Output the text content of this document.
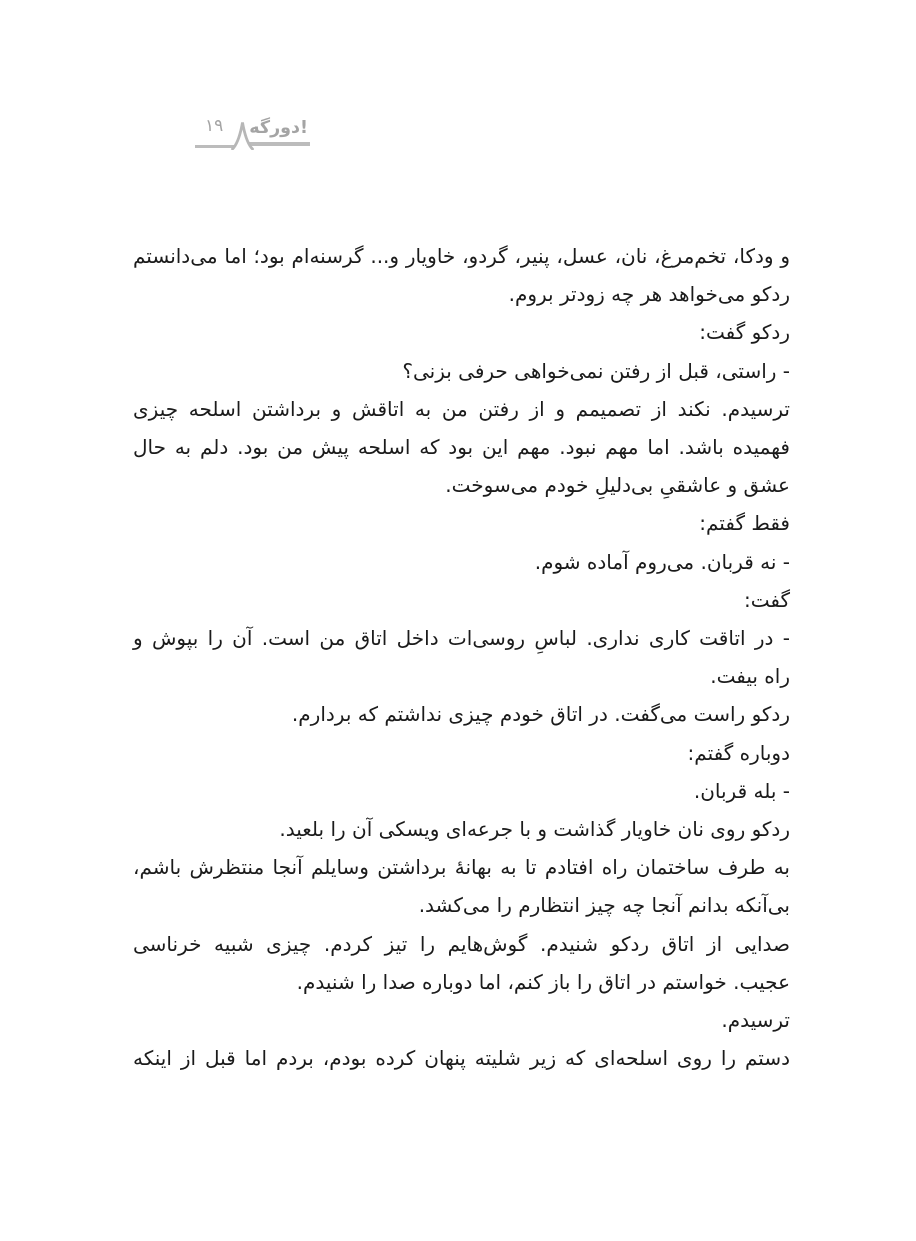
۱۹ دورگه!
و ودکا، تخم‌مرغ، نان، عسل، پنیر، گردو، خاویار و... گرسنه‌ام بود؛ اما می‌دانستم
ردکو می‌خواهد هر چه زودتر بروم.
ردکو گفت:
- راستی، قبل از رفتن نمی‌خواهی حرفی بزنی؟
ترسیدم. نکند از تصمیمم و از رفتن من به اتاقش و برداشتن اسلحه چیزی
فهمیده باشد. اما مهم نبود. مهم این بود که اسلحه پیش من بود. دلم به حال
عشق و عاشقیِ بی‌دلیلِ خودم می‌سوخت.
فقط گفتم:
- نه قربان. می‌روم آماده شوم.
گفت:
- در اتاقت کاری نداری. لباسِ روسی‌ات داخل اتاق من است. آن را بپوش و
راه بیفت.
ردکو راست می‌گفت. در اتاق خودم چیزی نداشتم که بردارم.
دوباره گفتم:
- بله قربان.
ردکو روی نان خاویار گذاشت و با جرعه‌ای ویسکی آن را بلعید.
به طرف ساختمان راه افتادم تا به بهانهٔ برداشتن وسایلم آنجا منتظرش باشم،
بی‌آنکه بدانم آنجا چه چیز انتظارم را می‌کشد.
صدایی از اتاق ردکو شنیدم. گوش‌هایم را تیز کردم. چیزی شبیه خرناسی
عجیب. خواستم در اتاق را باز کنم، اما دوباره صدا را شنیدم.
ترسیدم.
دستم را روی اسلحه‌ای که زیر شلیته پنهان کرده بودم، بردم اما قبل از اینکه
